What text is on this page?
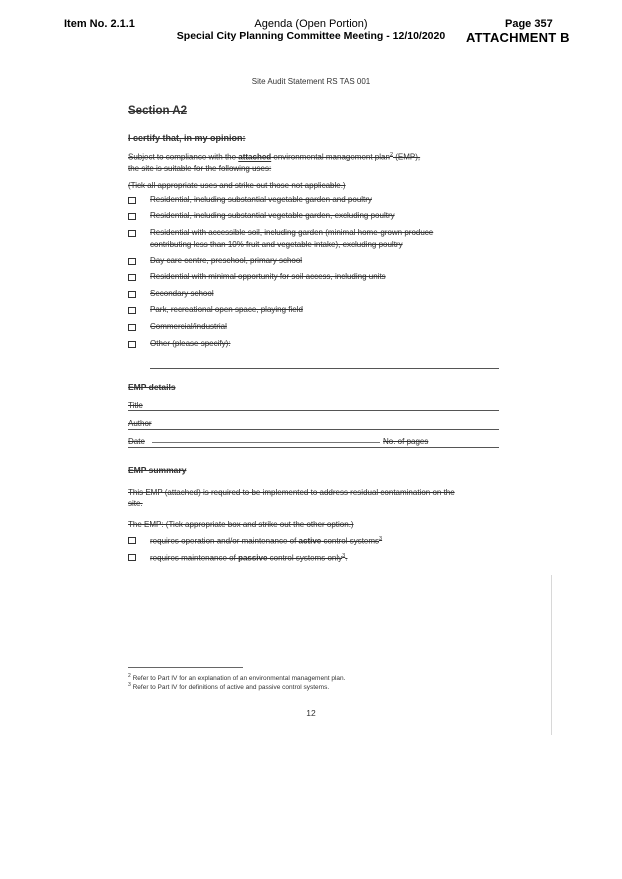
Item No. 2.1.1	Agenda (Open Portion)
Special City Planning Committee Meeting - 12/10/2020
Page 357
ATTACHMENT B
Site Audit Statement RS TAS 001
Section A2
I certify that, in my opinion:
Subject to compliance with the attached environmental management plan$^2$ (EMP),
the site is suitable for the following uses:
(Tick all appropriate uses and strike out those not applicable.)
Residential, including substantial vegetable garden and poultry
Residential, including substantial vegetable garden, excluding poultry
Residential with accessible soil, including garden (minimal home-grown produce
contributing less than 10% fruit and vegetable intake), excluding poultry
Day care centre, preschool, primary school
Residential with minimal opportunity for soil access, including units
Secondary school
Park, recreational open space, playing field
Commercial/industrial
Other (please specify):
EMP details
Title
Author
Date	No. of pages
EMP summary
This EMP (attached) is required to be implemented to address residual contamination on the
site.
The EMP: (Tick appropriate box and strike out the other option.)
requires operation and/or maintenance of active control systems$^3$
requires maintenance of passive control systems only$^3$.
$^2$ Refer to Part IV for an explanation of an environmental management plan.
$^3$ Refer to Part IV for definitions of active and passive control systems.
12
